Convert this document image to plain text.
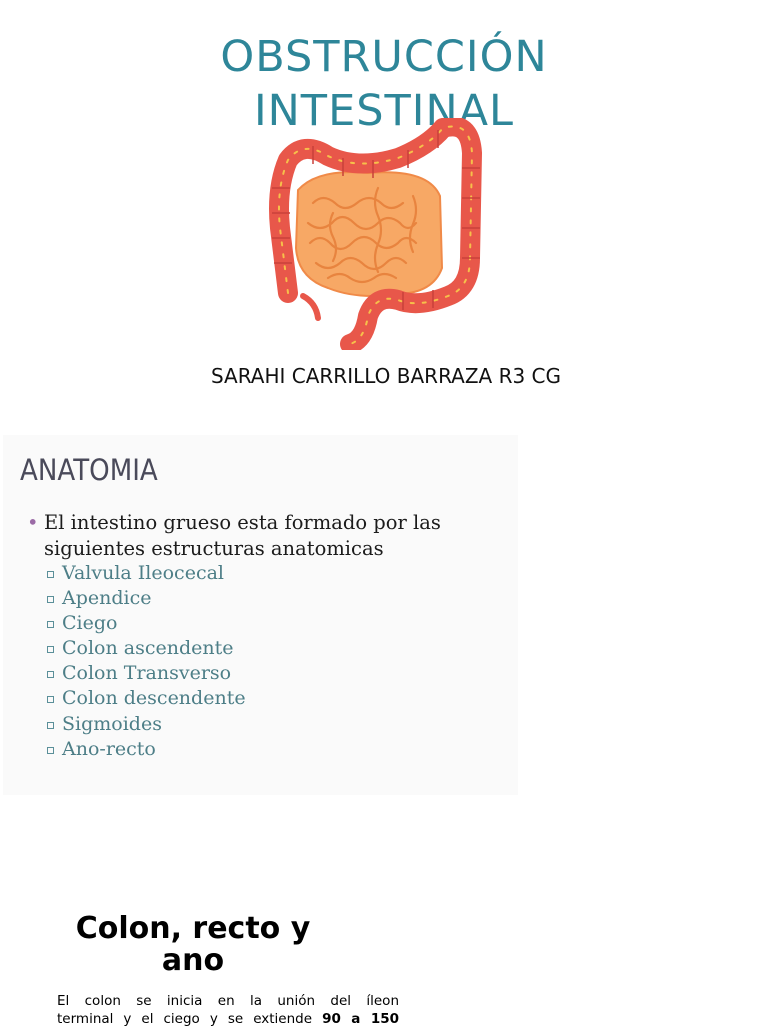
OBSTRUCCIÓN
INTESTINAL
SARAHI CARRILLO BARRAZA R3 CG
ANATOMIA
• El intestino grueso esta formado por las siguientes estructuras anatomicas
Valvula Ileocecal
Apendice
Ciego
Colon ascendente
Colon Transverso
Colon descendente
Sigmoides
Ano-recto
Colon, recto y ano
El colon se inicia en la unión del íleon
terminal y el ciego y se extiende 90 a 150
